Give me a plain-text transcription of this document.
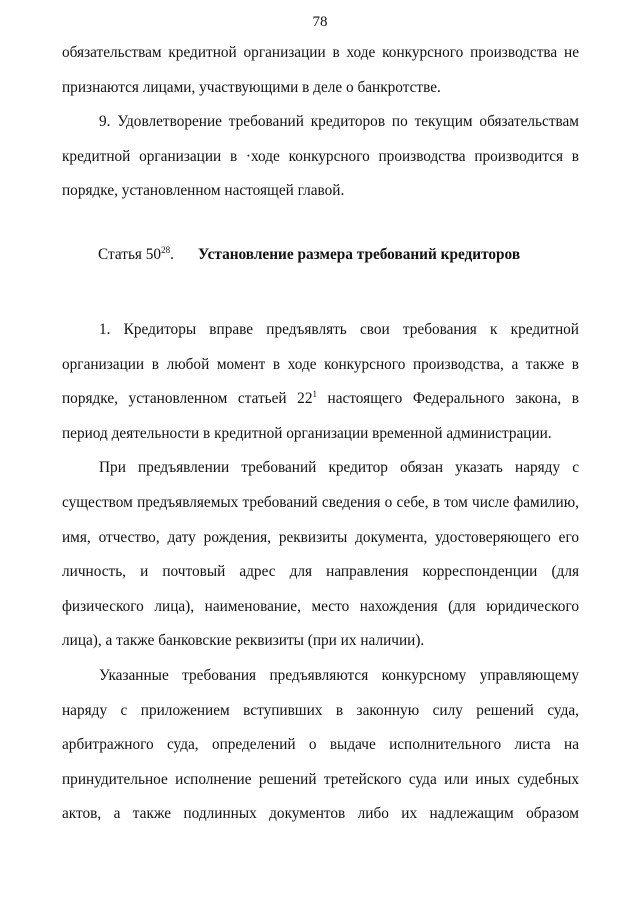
78
обязательствам кредитной организации в ходе конкурсного производства не
признаются лицами, участвующими в деле о банкротстве.

9. Удовлетворение требований кредиторов по текущим обязательствам кредитной организации в ·ходе конкурсного производства производится в порядке, установленном настоящей главой.

Статья $50^{28}$. Установление размера требований кредиторов

1. Кредиторы вправе предъявлять свои требования к кредитной организации в любой момент в ходе конкурсного производства, а также в порядке, установленном статьей $22^1$ настоящего Федерального закона, в период деятельности в кредитной организации временной администрации.

При предъявлении требований кредитор обязан указать наряду с существом предъявляемых требований сведения о себе, в том числе фамилию, имя, отчество, дату рождения, реквизиты документа, удостоверяющего его личность, и почтовый адрес для направления корреспонденции (для физического лица), наименование, место нахождения (для юридического лица), а также банковские реквизиты (при их наличии).

Указанные требования предъявляются конкурсному управляющему наряду с приложением вступивших в законную силу решений суда, арбитражного суда, определений о выдаче исполнительного листа на принудительное исполнение решений третейского суда или иных судебных актов, а также подлинных документов либо их надлежащим образом
